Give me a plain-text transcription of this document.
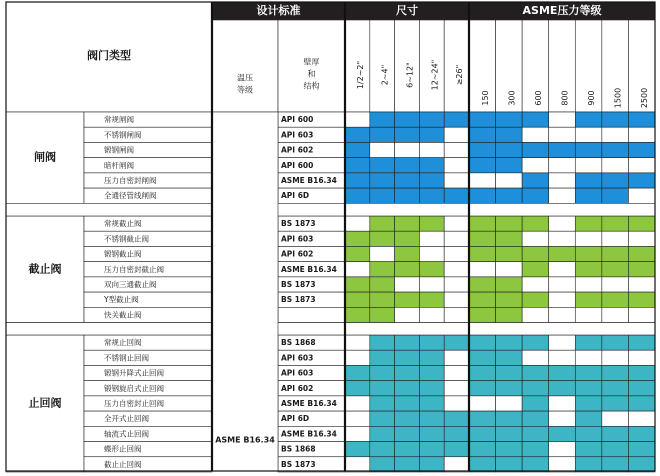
阀门类型
设计标准	尺寸	ASME压力等级
温压
等级
壁厚
和
结构	1/2~2" 2~4" 6~12" 12~24" ≥26"
150 300 600 800 900 1500 2500
闸阀
常规闸阀	API 600
不锈钢闸阀	API 603
锻钢闸阀	API 602
暗杆闸阀	API 600
压力自密封闸阀	ASME B16.34
全通径管线闸阀	API 6D
截止阀
常规截止阀	BS 1873
不锈钢截止阀	API 603
锻钢截止阀	API 602
压力自密封截止阀	ASME B16.34
双向三通截止阀	BS 1873
Y型截止阀	BS 1873
快关截止阀
止回阀
常规止回阀	BS 1868
不锈钢止回阀	API 603
锻钢升降式止回阀	API 603
锻钢旋启式止回阀	API 602
压力自密封止回阀	ASME B16.34
全开式止回阀	API 6D
轴流式止回阀	ASME B16.34
蝶形止回阀	BS 1868
截止止回阀	BS 1873
ASME B16.34
